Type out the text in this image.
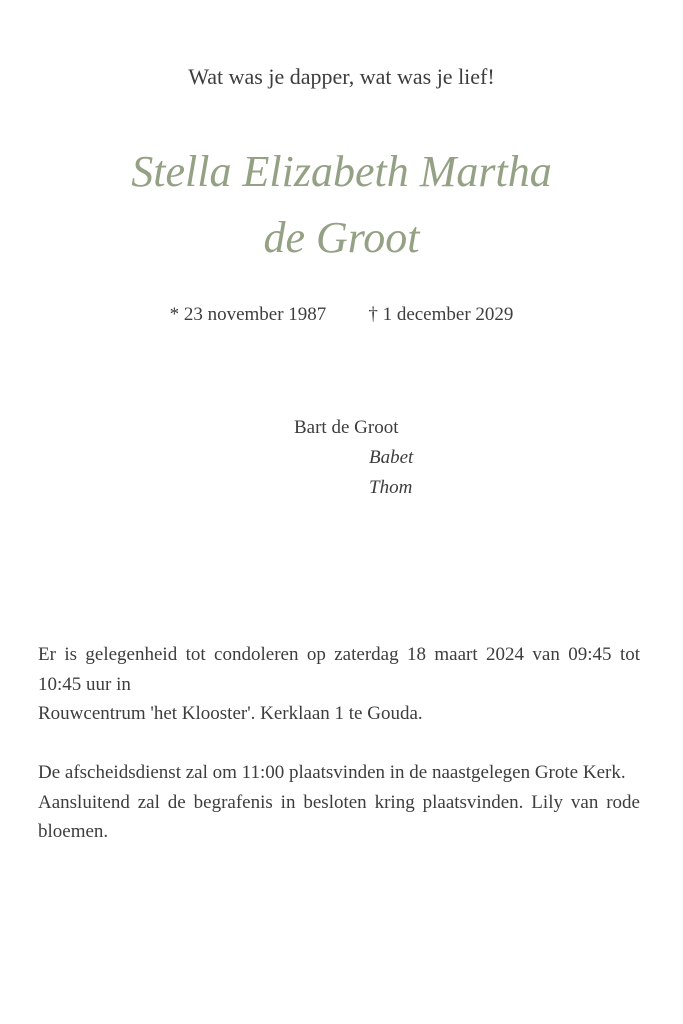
Wat was je dapper, wat was je lief!
Stella Elizabeth Martha
de Groot
* 23 november 1987 † 1 december 2029
Bart de Groot
Babet
Thom

Er is gelegenheid tot condoleren op zaterdag 18 maart 2024 van 09:45 tot 10:45 uur in

Rouwcentrum 'het Klooster'. Kerklaan 1 te Gouda.

De afscheidsdienst zal om 11:00 plaatsvinden in de naastgelegen Grote Kerk.

Aansluitend zal de begrafenis in besloten kring plaatsvinden. Lily van rode bloemen.
